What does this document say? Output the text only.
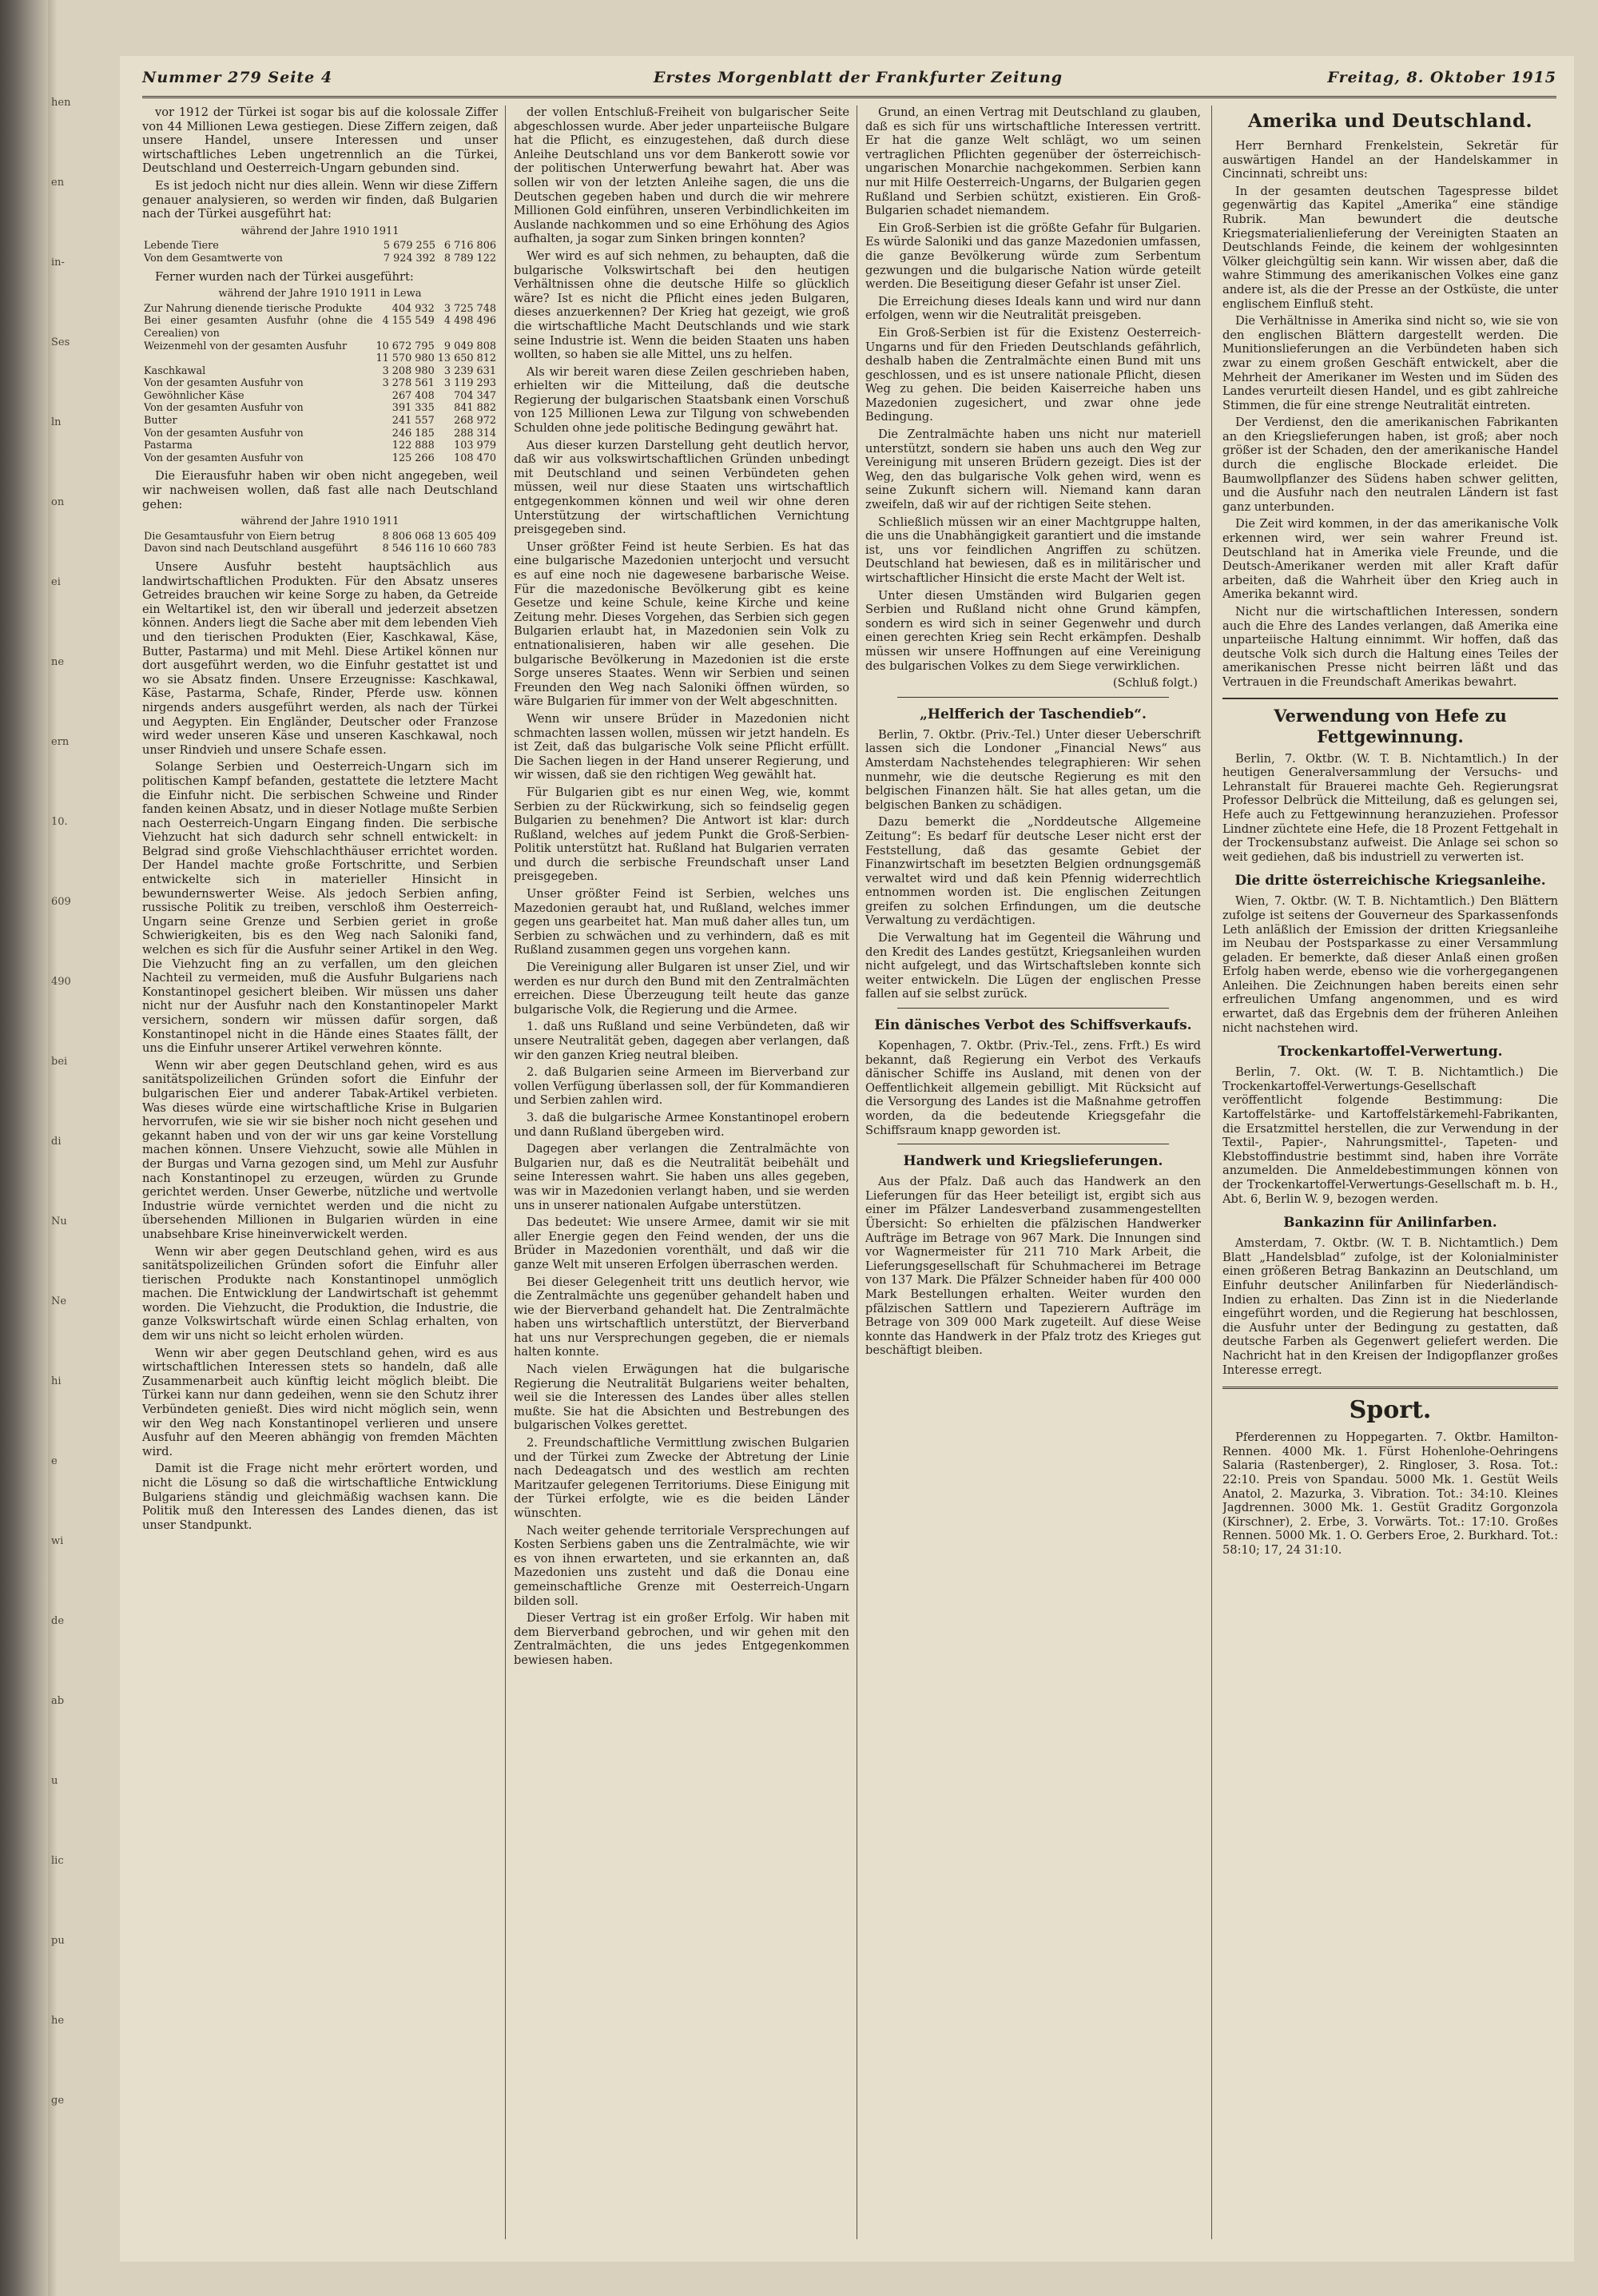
hen
en
in-
Ses
ln
on
ei
ne
ern
10.
609
490
bei
di
Nu
Ne
hi
e
wi
de
ab
u
lic
pu
he
ge
Nummer 279 Seite 4	Erstes Morgenblatt der Frankfurter Zeitung	Freitag, 8. Oktober 1915

vor 1912 der Türkei ist sogar bis auf die kolossale Ziffer von 44 Millionen Lewa gestiegen. Diese Ziffern zeigen, daß unsere Handel, unsere Interessen und unser wirtschaftliches Leben ungetrennlich an die Türkei, Deutschland und Oesterreich-Ungarn gebunden sind.

Es ist jedoch nicht nur dies allein. Wenn wir diese Ziffern genauer analysieren, so werden wir finden, daß Bulgarien nach der Türkei ausgeführt hat:

während der Jahre 1910 1911
Lebende Tiere	5 679 255	6 716 806
Von dem Gesamtwerte von	7 924 392	8 789 122

Ferner wurden nach der Türkei ausgeführt:

während der Jahre 1910 1911 in Lewa
Zur Nahrung dienende tierische Produkte	404 932	3 725 748
Bei einer gesamten Ausfuhr (ohne die Cerealien) von	4 155 549	4 498 496
Weizenmehl von der gesamten Ausfuhr	10 672 795	9 049 808
	11 570 980	13 650 812
Kaschkawal	3 208 980	3 239 631
Von der gesamten Ausfuhr von	3 278 561	3 119 293
Gewöhnlicher Käse	267 408	704 347
Von der gesamten Ausfuhr von	391 335	841 882
Butter	241 557	268 972
Von der gesamten Ausfuhr von	246 185	288 314
Pastarma	122 888	103 979
Von der gesamten Ausfuhr von	125 266	108 470

Die Eierausfuhr haben wir oben nicht angegeben, weil wir nachweisen wollen, daß fast alle nach Deutschland gehen:

während der Jahre 1910 1911
Die Gesamtausfuhr von Eiern betrug	8 806 068	13 605 409
Davon sind nach Deutschland ausgeführt	8 546 116	10 660 783

Unsere Ausfuhr besteht hauptsächlich aus landwirtschaftlichen Produkten. Für den Absatz unseres Getreides brauchen wir keine Sorge zu haben, da Getreide ein Weltartikel ist, den wir überall und jederzeit absetzen können. Anders liegt die Sache aber mit dem lebenden Vieh und den tierischen Produkten (Eier, Kaschkawal, Käse, Butter, Pastarma) und mit Mehl. Diese Artikel können nur dort ausgeführt werden, wo die Einfuhr gestattet ist und wo sie Absatz finden. Unsere Erzeugnisse: Kaschkawal, Käse, Pastarma, Schafe, Rinder, Pferde usw. können nirgends anders ausgeführt werden, als nach der Türkei und Aegypten. Ein Engländer, Deutscher oder Franzose wird weder unseren Käse und unseren Kaschkawal, noch unser Rindvieh und unsere Schafe essen.

Solange Serbien und Oesterreich-Ungarn sich im politischen Kampf befanden, gestattete die letztere Macht die Einfuhr nicht. Die serbischen Schweine und Rinder fanden keinen Absatz, und in dieser Notlage mußte Serbien nach Oesterreich-Ungarn Eingang finden. Die serbische Viehzucht hat sich dadurch sehr schnell entwickelt: in Belgrad sind große Viehschlachthäuser errichtet worden. Der Handel machte große Fortschritte, und Serbien entwickelte sich in materieller Hinsicht in bewundernswerter Weise. Als jedoch Serbien anfing, russische Politik zu treiben, verschloß ihm Oesterreich-Ungarn seine Grenze und Serbien geriet in große Schwierigkeiten, bis es den Weg nach Saloniki fand, welchen es sich für die Ausfuhr seiner Artikel in den Weg. Die Viehzucht fing an zu verfallen, um den gleichen Nachteil zu vermeiden, muß die Ausfuhr Bulgariens nach Konstantinopel gesichert bleiben. Wir müssen uns daher nicht nur der Ausfuhr nach den Konstantinopeler Markt versichern, sondern wir müssen dafür sorgen, daß Konstantinopel nicht in die Hände eines Staates fällt, der uns die Einfuhr unserer Artikel verwehren könnte.

Wenn wir aber gegen Deutschland gehen, wird es aus sanitätspolizeilichen Gründen sofort die Einfuhr der bulgarischen Eier und anderer Tabak-Artikel verbieten. Was dieses würde eine wirtschaftliche Krise in Bulgarien hervorrufen, wie sie wir sie bisher noch nicht gesehen und gekannt haben und von der wir uns gar keine Vorstellung machen können. Unsere Viehzucht, sowie alle Mühlen in der Burgas und Varna gezogen sind, um Mehl zur Ausfuhr nach Konstantinopel zu erzeugen, würden zu Grunde gerichtet werden. Unser Gewerbe, nützliche und wertvolle Industrie würde vernichtet werden und die nicht zu übersehenden Millionen in Bulgarien würden in eine unabsehbare Krise hineinverwickelt werden.

Wenn wir aber gegen Deutschland gehen, wird es aus sanitätspolizeilichen Gründen sofort die Einfuhr aller tierischen Produkte nach Konstantinopel unmöglich machen. Die Entwicklung der Landwirtschaft ist gehemmt worden. Die Viehzucht, die Produktion, die Industrie, die ganze Volkswirtschaft würde einen Schlag erhalten, von dem wir uns nicht so leicht erholen würden.

Wenn wir aber gegen Deutschland gehen, wird es aus wirtschaftlichen Interessen stets so handeln, daß alle Zusammenarbeit auch künftig leicht möglich bleibt. Die Türkei kann nur dann gedeihen, wenn sie den Schutz ihrer Verbündeten genießt. Dies wird nicht möglich sein, wenn wir den Weg nach Konstantinopel verlieren und unsere Ausfuhr auf den Meeren abhängig von fremden Mächten wird.

Damit ist die Frage nicht mehr erörtert worden, und nicht die Lösung so daß die wirtschaftliche Entwicklung Bulgariens ständig und gleichmäßig wachsen kann. Die Politik muß den Interessen des Landes dienen, das ist unser Standpunkt.

der vollen Entschluß-Freiheit von bulgarischer Seite abgeschlossen wurde. Aber jeder unparteiische Bulgare hat die Pflicht, es einzugestehen, daß durch diese Anleihe Deutschland uns vor dem Bankerott sowie vor der politischen Unterwerfung bewahrt hat. Aber was sollen wir von der letzten Anleihe sagen, die uns die Deutschen gegeben haben und durch die wir mehrere Millionen Gold einführen, unseren Verbindlichkeiten im Auslande nachkommen und so eine Erhöhung des Agios aufhalten, ja sogar zum Sinken bringen konnten?

Wer wird es auf sich nehmen, zu behaupten, daß die bulgarische Volkswirtschaft bei den heutigen Verhältnissen ohne die deutsche Hilfe so glücklich wäre? Ist es nicht die Pflicht eines jeden Bulgaren, dieses anzuerkennen? Der Krieg hat gezeigt, wie groß die wirtschaftliche Macht Deutschlands und wie stark seine Industrie ist. Wenn die beiden Staaten uns haben wollten, so haben sie alle Mittel, uns zu helfen.

Als wir bereit waren diese Zeilen geschrieben haben, erhielten wir die Mitteilung, daß die deutsche Regierung der bulgarischen Staatsbank einen Vorschuß von 125 Millionen Lewa zur Tilgung von schwebenden Schulden ohne jede politische Bedingung gewährt hat.

Aus dieser kurzen Darstellung geht deutlich hervor, daß wir aus volkswirtschaftlichen Gründen unbedingt mit Deutschland und seinen Verbündeten gehen müssen, weil nur diese Staaten uns wirtschaftlich entgegenkommen können und weil wir ohne deren Unterstützung der wirtschaftlichen Vernichtung preisgegeben sind.

Unser größter Feind ist heute Serbien. Es hat das eine bulgarische Mazedonien unterjocht und versucht es auf eine noch nie dagewesene barbarische Weise. Für die mazedonische Bevölkerung gibt es keine Gesetze und keine Schule, keine Kirche und keine Zeitung mehr. Dieses Vorgehen, das Serbien sich gegen Bulgarien erlaubt hat, in Mazedonien sein Volk zu entnationalisieren, haben wir alle gesehen. Die bulgarische Bevölkerung in Mazedonien ist die erste Sorge unseres Staates. Wenn wir Serbien und seinen Freunden den Weg nach Saloniki öffnen würden, so wäre Bulgarien für immer von der Welt abgeschnitten.

Wenn wir unsere Brüder in Mazedonien nicht schmachten lassen wollen, müssen wir jetzt handeln. Es ist Zeit, daß das bulgarische Volk seine Pflicht erfüllt. Die Sachen liegen in der Hand unserer Regierung, und wir wissen, daß sie den richtigen Weg gewählt hat.

Für Bulgarien gibt es nur einen Weg, wie, kommt Serbien zu der Rückwirkung, sich so feindselig gegen Bulgarien zu benehmen? Die Antwort ist klar: durch Rußland, welches auf jedem Punkt die Groß-Serbien-Politik unterstützt hat. Rußland hat Bulgarien verraten und durch die serbische Freundschaft unser Land preisgegeben.

Unser größter Feind ist Serbien, welches uns Mazedonien geraubt hat, und Rußland, welches immer gegen uns gearbeitet hat. Man muß daher alles tun, um Serbien zu schwächen und zu verhindern, daß es mit Rußland zusammen gegen uns vorgehen kann.

Die Vereinigung aller Bulgaren ist unser Ziel, und wir werden es nur durch den Bund mit den Zentralmächten erreichen. Diese Überzeugung teilt heute das ganze bulgarische Volk, die Regierung und die Armee.

1. daß uns Rußland und seine Verbündeten, daß wir unsere Neutralität geben, dagegen aber verlangen, daß wir den ganzen Krieg neutral bleiben.

2. daß Bulgarien seine Armeen im Bierverband zur vollen Verfügung überlassen soll, der für Kommandieren und Serbien zahlen wird.

3. daß die bulgarische Armee Konstantinopel erobern und dann Rußland übergeben wird.

Dagegen aber verlangen die Zentralmächte von Bulgarien nur, daß es die Neutralität beibehält und seine Interessen wahrt. Sie haben uns alles gegeben, was wir in Mazedonien verlangt haben, und sie werden uns in unserer nationalen Aufgabe unterstützen.

Das bedeutet: Wie unsere Armee, damit wir sie mit aller Energie gegen den Feind wenden, der uns die Brüder in Mazedonien vorenthält, und daß wir die ganze Welt mit unseren Erfolgen überraschen werden.

Bei dieser Gelegenheit tritt uns deutlich hervor, wie die Zentralmächte uns gegenüber gehandelt haben und wie der Bierverband gehandelt hat. Die Zentralmächte haben uns wirtschaftlich unterstützt, der Bierverband hat uns nur Versprechungen gegeben, die er niemals halten konnte.

Nach vielen Erwägungen hat die bulgarische Regierung die Neutralität Bulgariens weiter behalten, weil sie die Interessen des Landes über alles stellen mußte. Sie hat die Absichten und Bestrebungen des bulgarischen Volkes gerettet.

2. Freundschaftliche Vermittlung zwischen Bulgarien und der Türkei zum Zwecke der Abtretung der Linie nach Dedeagatsch und des westlich am rechten Maritzaufer gelegenen Territoriums. Diese Einigung mit der Türkei erfolgte, wie es die beiden Länder wünschten.

Nach weiter gehende territoriale Versprechungen auf Kosten Serbiens gaben uns die Zentralmächte, wie wir es von ihnen erwarteten, und sie erkannten an, daß Mazedonien uns zusteht und daß die Donau eine gemeinschaftliche Grenze mit Oesterreich-Ungarn bilden soll.

Dieser Vertrag ist ein großer Erfolg. Wir haben mit dem Bierverband gebrochen, und wir gehen mit den Zentralmächten, die uns jedes Entgegenkommen bewiesen haben.

Grund, an einen Vertrag mit Deutschland zu glauben, daß es sich für uns wirtschaftliche Interessen vertritt. Er hat die ganze Welt schlägt, wo um seinen vertraglichen Pflichten gegenüber der österreichisch-ungarischen Monarchie nachgekommen. Serbien kann nur mit Hilfe Oesterreich-Ungarns, der Bulgarien gegen Rußland und Serbien schützt, existieren. Ein Groß-Bulgarien schadet niemandem.

Ein Groß-Serbien ist die größte Gefahr für Bulgarien. Es würde Saloniki und das ganze Mazedonien umfassen, die ganze Bevölkerung würde zum Serbentum gezwungen und die bulgarische Nation würde geteilt werden. Die Beseitigung dieser Gefahr ist unser Ziel.

Die Erreichung dieses Ideals kann und wird nur dann erfolgen, wenn wir die Neutralität preisgeben.

Ein Groß-Serbien ist für die Existenz Oesterreich-Ungarns und für den Frieden Deutschlands gefährlich, deshalb haben die Zentralmächte einen Bund mit uns geschlossen, und es ist unsere nationale Pflicht, diesen Weg zu gehen. Die beiden Kaiserreiche haben uns Mazedonien zugesichert, und zwar ohne jede Bedingung.

Die Zentralmächte haben uns nicht nur materiell unterstützt, sondern sie haben uns auch den Weg zur Vereinigung mit unseren Brüdern gezeigt. Dies ist der Weg, den das bulgarische Volk gehen wird, wenn es seine Zukunft sichern will. Niemand kann daran zweifeln, daß wir auf der richtigen Seite stehen.

Schließlich müssen wir an einer Machtgruppe halten, die uns die Unabhängigkeit garantiert und die imstande ist, uns vor feindlichen Angriffen zu schützen. Deutschland hat bewiesen, daß es in militärischer und wirtschaftlicher Hinsicht die erste Macht der Welt ist.

Unter diesen Umständen wird Bulgarien gegen Serbien und Rußland nicht ohne Grund kämpfen, sondern es wird sich in seiner Gegenwehr und durch einen gerechten Krieg sein Recht erkämpfen. Deshalb müssen wir unsere Hoffnungen auf eine Vereinigung des bulgarischen Volkes zu dem Siege verwirklichen.

(Schluß folgt.)
„Helfferich der Taschendieb“.

Berlin, 7. Oktbr. (Priv.-Tel.) Unter dieser Ueberschrift lassen sich die Londoner „Financial News“ aus Amsterdam Nachstehendes telegraphieren: Wir sehen nunmehr, wie die deutsche Regierung es mit den belgischen Finanzen hält. Sie hat alles getan, um die belgischen Banken zu schädigen.

Dazu bemerkt die „Norddeutsche Allgemeine Zeitung“: Es bedarf für deutsche Leser nicht erst der Feststellung, daß das gesamte Gebiet der Finanzwirtschaft im besetzten Belgien ordnungsgemäß verwaltet wird und daß kein Pfennig widerrechtlich entnommen worden ist. Die englischen Zeitungen greifen zu solchen Erfindungen, um die deutsche Verwaltung zu verdächtigen.

Die Verwaltung hat im Gegenteil die Währung und den Kredit des Landes gestützt, Kriegsanleihen wurden nicht aufgelegt, und das Wirtschaftsleben konnte sich weiter entwickeln. Die Lügen der englischen Presse fallen auf sie selbst zurück.

Ein dänisches Verbot des Schiffsverkaufs.

Kopenhagen, 7. Oktbr. (Priv.-Tel., zens. Frft.) Es wird bekannt, daß Regierung ein Verbot des Verkaufs dänischer Schiffe ins Ausland, mit denen von der Oeffentlichkeit allgemein gebilligt. Mit Rücksicht auf die Versorgung des Landes ist die Maßnahme getroffen worden, da die bedeutende Kriegsgefahr die Schiffsraum knapp geworden ist.

Handwerk und Kriegslieferungen.

Aus der Pfalz. Daß auch das Handwerk an den Lieferungen für das Heer beteiligt ist, ergibt sich aus einer im Pfälzer Landesverband zusammengestellten Übersicht: So erhielten die pfälzischen Handwerker Aufträge im Betrage von 967 Mark. Die Innungen sind vor Wagnermeister für 211 710 Mark Arbeit, die Lieferungsgesellschaft für Schuhmacherei im Betrage von 137 Mark. Die Pfälzer Schneider haben für 400 000 Mark Bestellungen erhalten. Weiter wurden den pfälzischen Sattlern und Tapezierern Aufträge im Betrage von 309 000 Mark zugeteilt. Auf diese Weise konnte das Handwerk in der Pfalz trotz des Krieges gut beschäftigt bleiben.

Amerika und Deutschland.

Herr Bernhard Frenkelstein, Sekretär für auswärtigen Handel an der Handelskammer in Cincinnati, schreibt uns:

In der gesamten deutschen Tagespresse bildet gegenwärtig das Kapitel „Amerika“ eine ständige Rubrik. Man bewundert die deutsche Kriegsmaterialienlieferung der Vereinigten Staaten an Deutschlands Feinde, die keinem der wohlgesinnten Völker gleichgültig sein kann. Wir wissen aber, daß die wahre Stimmung des amerikanischen Volkes eine ganz andere ist, als die der Presse an der Ostküste, die unter englischem Einfluß steht.

Die Verhältnisse in Amerika sind nicht so, wie sie von den englischen Blättern dargestellt werden. Die Munitionslieferungen an die Verbündeten haben sich zwar zu einem großen Geschäft entwickelt, aber die Mehrheit der Amerikaner im Westen und im Süden des Landes verurteilt diesen Handel, und es gibt zahlreiche Stimmen, die für eine strenge Neutralität eintreten.

Der Verdienst, den die amerikanischen Fabrikanten an den Kriegslieferungen haben, ist groß; aber noch größer ist der Schaden, den der amerikanische Handel durch die englische Blockade erleidet. Die Baumwollpflanzer des Südens haben schwer gelitten, und die Ausfuhr nach den neutralen Ländern ist fast ganz unterbunden.

Die Zeit wird kommen, in der das amerikanische Volk erkennen wird, wer sein wahrer Freund ist. Deutschland hat in Amerika viele Freunde, und die Deutsch-Amerikaner werden mit aller Kraft dafür arbeiten, daß die Wahrheit über den Krieg auch in Amerika bekannt wird.

Nicht nur die wirtschaftlichen Interessen, sondern auch die Ehre des Landes verlangen, daß Amerika eine unparteiische Haltung einnimmt. Wir hoffen, daß das deutsche Volk sich durch die Haltung eines Teiles der amerikanischen Presse nicht beirren läßt und das Vertrauen in die Freundschaft Amerikas bewahrt.

Verwendung von Hefe zu Fettgewinnung.

Berlin, 7. Oktbr. (W. T. B. Nichtamtlich.) In der heutigen Generalversammlung der Versuchs- und Lehranstalt für Brauerei machte Geh. Regierungsrat Professor Delbrück die Mitteilung, daß es gelungen sei, Hefe auch zu Fettgewinnung heranzuziehen. Professor Lindner züchtete eine Hefe, die 18 Prozent Fettgehalt in der Trockensubstanz aufweist. Die Anlage sei schon so weit gediehen, daß bis industriell zu verwerten ist.

Die dritte österreichische Kriegsanleihe.

Wien, 7. Oktbr. (W. T. B. Nichtamtlich.) Den Blättern zufolge ist seitens der Gouverneur des Sparkassenfonds Leth anläßlich der Emission der dritten Kriegsanleihe im Neubau der Postsparkasse zu einer Versammlung geladen. Er bemerkte, daß dieser Anlaß einen großen Erfolg haben werde, ebenso wie die vorhergegangenen Anleihen. Die Zeichnungen haben bereits einen sehr erfreulichen Umfang angenommen, und es wird erwartet, daß das Ergebnis dem der früheren Anleihen nicht nachstehen wird.

Trockenkartoffel-Verwertung.

Berlin, 7. Okt. (W. T. B. Nichtamtlich.) Die Trockenkartoffel-Verwertungs-Gesellschaft veröffentlicht folgende Bestimmung: Die Kartoffelstärke- und Kartoffelstärkemehl-Fabrikanten, die Ersatzmittel herstellen, die zur Verwendung in der Textil-, Papier-, Nahrungsmittel-, Tapeten- und Klebstoffindustrie bestimmt sind, haben ihre Vorräte anzumelden. Die Anmeldebestimmungen können von der Trockenkartoffel-Verwertungs-Gesellschaft m. b. H., Abt. 6, Berlin W. 9, bezogen werden.

Bankazinn für Anilinfarben.

Amsterdam, 7. Oktbr. (W. T. B. Nichtamtlich.) Dem Blatt „Handelsblad“ zufolge, ist der Kolonialminister einen größeren Betrag Bankazinn an Deutschland, um Einfuhr deutscher Anilinfarben für Niederländisch-Indien zu erhalten. Das Zinn ist in die Niederlande eingeführt worden, und die Regierung hat beschlossen, die Ausfuhr unter der Bedingung zu gestatten, daß deutsche Farben als Gegenwert geliefert werden. Die Nachricht hat in den Kreisen der Indigopflanzer großes Interesse erregt.

Sport.

Pferderennen zu Hoppegarten. 7. Oktbr. Hamilton-Rennen. 4000 Mk. 1. Fürst Hohenlohe-Oehringens Salaria (Rastenberger), 2. Ringloser, 3. Rosa. Tot.: 22:10. Preis von Spandau. 5000 Mk. 1. Gestüt Weils Anatol, 2. Mazurka, 3. Vibration. Tot.: 34:10. Kleines Jagdrennen. 3000 Mk. 1. Gestüt Graditz Gorgonzola (Kirschner), 2. Erbe, 3. Vorwärts. Tot.: 17:10. Großes Rennen. 5000 Mk. 1. O. Gerbers Eroe, 2. Burkhard. Tot.: 58:10; 17, 24 31:10.
